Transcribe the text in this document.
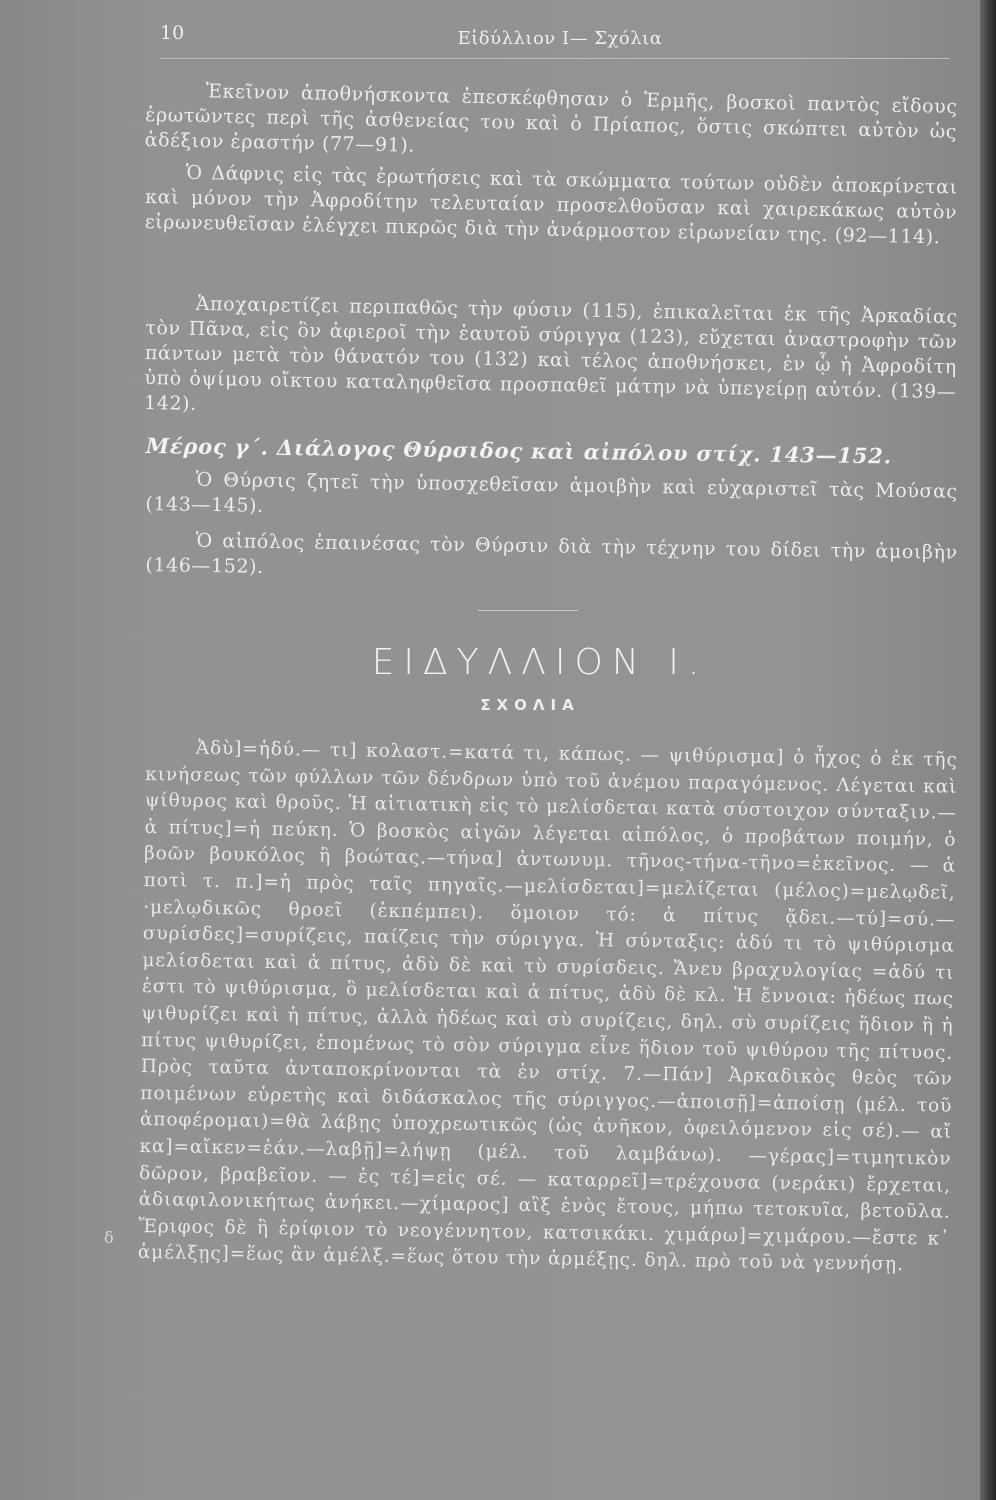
10	Εἰδύλλιον Ι— Σχόλια

Ἐκεῖνον ἀποθνήσκοντα ἐπεσκέφθησαν ὁ Ἑρμῆς, βοσκοὶ παντὸς εἴδους ἐρωτῶντες περὶ τῆς ἀσθενείας του καὶ ὁ Πρίαπος, ὅστις σκώπτει αὐτὸν ὡς ἀδέξιον ἐραστήν (77—91).

Ὁ Δάφνις εἰς τὰς ἐρωτήσεις καὶ τὰ σκώμματα τούτων οὐδὲν ἀποκρίνεται καὶ μόνον τὴν Ἀφροδίτην τελευταίαν προσελθοῦσαν καὶ χαιρεκάκως αὐτὸν εἰρωνευθεῖσαν ἐλέγχει πικρῶς διὰ τὴν ἀνάρμοστον εἰρωνείαν της. (92—114).

Ἀποχαιρετίζει περιπαθῶς τὴν φύσιν (115), ἐπικαλεῖται ἐκ τῆς Ἀρκαδίας τὸν Πᾶνα, εἰς ὃν ἀφιεροῖ τὴν ἑαυτοῦ σύριγγα (123), εὔχεται ἀναστροφὴν τῶν πάντων μετὰ τὸν θάνατόν του (132) καὶ τέλος ἀποθνήσκει, ἐν ᾧ ἡ Ἀφροδίτη ὑπὸ ὀψίμου οἴκτου καταληφθεῖσα προσπαθεῖ μάτην νὰ ὑπεγείρῃ αὐτόν. (139—142).

Μέρος γ΄. Διάλογος Θύρσιδος καὶ αἰπόλου στίχ. 143—152.

Ὁ Θύρσις ζητεῖ τὴν ὑποσχεθεῖσαν ἀμοιβὴν καὶ εὐχαριστεῖ τὰς Μούσας (143—145).

Ὁ αἰπόλος ἐπαινέσας τὸν Θύρσιν διὰ τὴν τέχνην του δίδει τὴν ἀμοιβὴν (146—152).

ΕΙΔΥΛΛΙΟΝ Ι.
ΣΧΟΛΙΑ

Ἀδὺ]=ἡδύ.— τι] κολαστ.=κατά τι, κάπως. — ψιθύρισμα] ὁ ἦχος ὁ ἐκ τῆς κινήσεως τῶν φύλλων τῶν δένδρων ὑπὸ τοῦ ἀνέμου παραγόμενος. Λέγεται καὶ ψίθυρος καὶ θροῦς. Ἡ αἰτιατικὴ εἰς τὸ μελίσδεται κατὰ σύστοιχον σύνταξιν.—ἁ πίτυς]=ἡ πεύκη. Ὁ βοσκὸς αἰγῶν λέγεται αἰπόλος, ὁ προβάτων ποιμήν, ὁ βοῶν βουκόλος ἢ βοώτας.—τήνα] ἀντωνυμ. τῆνος-τήνα-τῆνο=ἐκεῖνος. — ἁ ποτὶ τ. π.]=ἡ πρὸς ταῖς πηγαῖς.—μελίσδεται]=μελίζεται (μέλος)=μελῳδεῖ, ·μελῳδικῶς θροεῖ (ἐκπέμπει). ὅμοιον τό: ἁ πίτυς ᾄδει.—τύ]=σύ.—συρίσδες]=συρίζεις, παίζεις τὴν σύριγγα. Ἡ σύνταξις: ἁδύ τι τὸ ψιθύρισμα μελίσδεται καὶ ἁ πίτυς, ἁδὺ δὲ καὶ τὺ συρίσδεις. Ἄνευ βραχυλογίας =ἁδύ τι ἐστι τὸ ψιθύρισμα, ὃ μελίσδεται καὶ ἁ πίτυς, ἁδὺ δὲ κλ. Ἡ ἔννοια: ἡδέως πως ψιθυρίζει καὶ ἡ πίτυς, ἀλλὰ ἡδέως καὶ σὺ συρίζεις, δηλ. σὺ συρίζεις ἥδιον ἢ ἡ πίτυς ψιθυρίζει, ἑπομένως τὸ σὸν σύριγμα εἶνε ἥδιον τοῦ ψιθύρου τῆς πίτυος. Πρὸς ταῦτα ἀνταποκρίνονται τὰ ἐν στίχ. 7.—Πάν] Ἀρκαδικὸς θεὸς τῶν ποιμένων εὑρετὴς καὶ διδάσκαλος τῆς σύριγγος.—ἀποισῇ]=ἀποίσῃ (μέλ. τοῦ ἀποφέρομαι)=θὰ λάβῃς ὑποχρεωτικῶς (ὡς ἀνῆκον, ὀφειλόμενον εἰς σέ).— αἴ κα]=αἴκεν=ἐάν.—λαβῇ]=λήψῃ (μέλ. τοῦ λαμβάνω). —γέρας]=τιμητικὸν δῶρον, βραβεῖον. — ἐς τέ]=εἰς σέ. — καταρρεῖ]=τρέχουσα (νεράκι) ἔρχεται, ἀδιαφιλονικήτως ἀνήκει.—χίμαρος] αἲξ ἑνὸς ἔτους, μήπω τετοκυῖα, βετοῦλα. Ἔριφος δὲ ἢ ἐρίφιον τὸ νεογέννητον, κατσικάκι. χιμάρω]=χιμάρου.—ἔστε κ᾽ ἀμέλξῃς]=ἕως ἂν ἀμέλξ.=ἕως ὅτου τὴν ἀρμέξῃς. δηλ. πρὸ τοῦ νὰ γεννήσῃ.

δ
